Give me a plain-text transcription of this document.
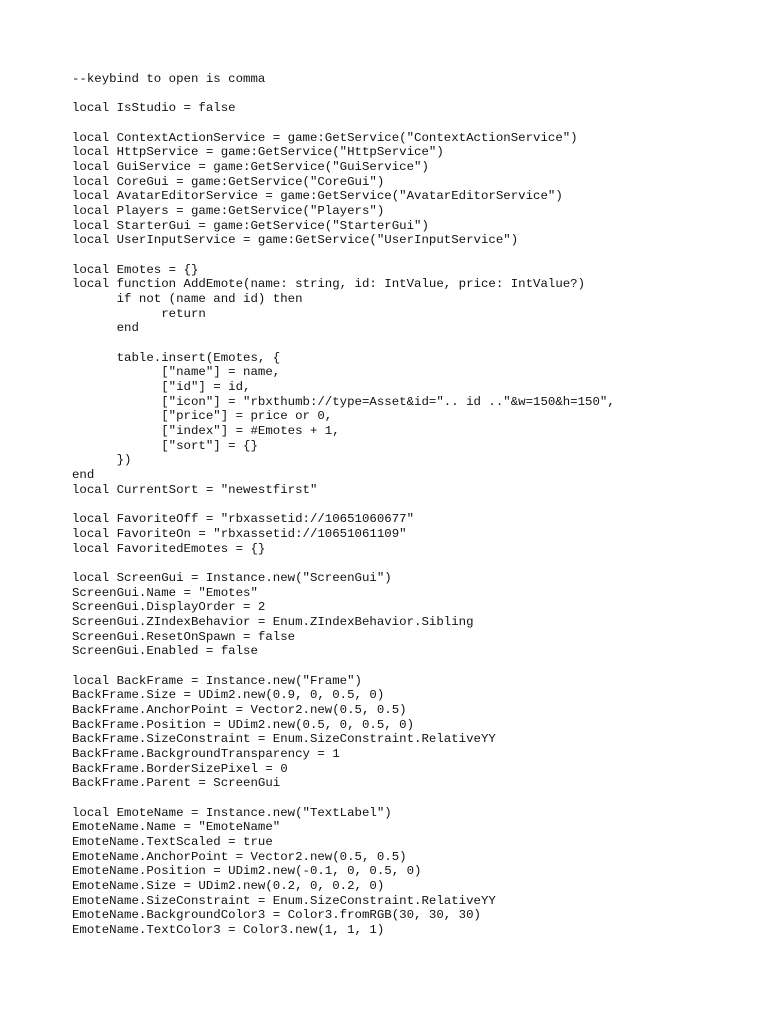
--keybind to open is comma
local IsStudio = false
local ContextActionService = game:GetService("ContextActionService")
local HttpService = game:GetService("HttpService")
local GuiService = game:GetService("GuiService")
local CoreGui = game:GetService("CoreGui")
local AvatarEditorService = game:GetService("AvatarEditorService")
local Players = game:GetService("Players")
local StarterGui = game:GetService("StarterGui")
local UserInputService = game:GetService("UserInputService")
local Emotes = {}
local function AddEmote(name: string, id: IntValue, price: IntValue?)
if not (name and id) then
return
end
table.insert(Emotes, {
["name"] = name,
["id"] = id,
["icon"] = "rbxthumb://type=Asset&id=".. id .."&w=150&h=150",
["price"] = price or 0,
["index"] = #Emotes + 1,
["sort"] = {}
})
end
local CurrentSort = "newestfirst"
local FavoriteOff = "rbxassetid://10651060677"
local FavoriteOn = "rbxassetid://10651061109"
local FavoritedEmotes = {}
local ScreenGui = Instance.new("ScreenGui")
ScreenGui.Name = "Emotes"
ScreenGui.DisplayOrder = 2
ScreenGui.ZIndexBehavior = Enum.ZIndexBehavior.Sibling
ScreenGui.ResetOnSpawn = false
ScreenGui.Enabled = false
local BackFrame = Instance.new("Frame")
BackFrame.Size = UDim2.new(0.9, 0, 0.5, 0)
BackFrame.AnchorPoint = Vector2.new(0.5, 0.5)
BackFrame.Position = UDim2.new(0.5, 0, 0.5, 0)
BackFrame.SizeConstraint = Enum.SizeConstraint.RelativeYY
BackFrame.BackgroundTransparency = 1
BackFrame.BorderSizePixel = 0
BackFrame.Parent = ScreenGui
local EmoteName = Instance.new("TextLabel")
EmoteName.Name = "EmoteName"
EmoteName.TextScaled = true
EmoteName.AnchorPoint = Vector2.new(0.5, 0.5)
EmoteName.Position = UDim2.new(-0.1, 0, 0.5, 0)
EmoteName.Size = UDim2.new(0.2, 0, 0.2, 0)
EmoteName.SizeConstraint = Enum.SizeConstraint.RelativeYY
EmoteName.BackgroundColor3 = Color3.fromRGB(30, 30, 30)
EmoteName.TextColor3 = Color3.new(1, 1, 1)
